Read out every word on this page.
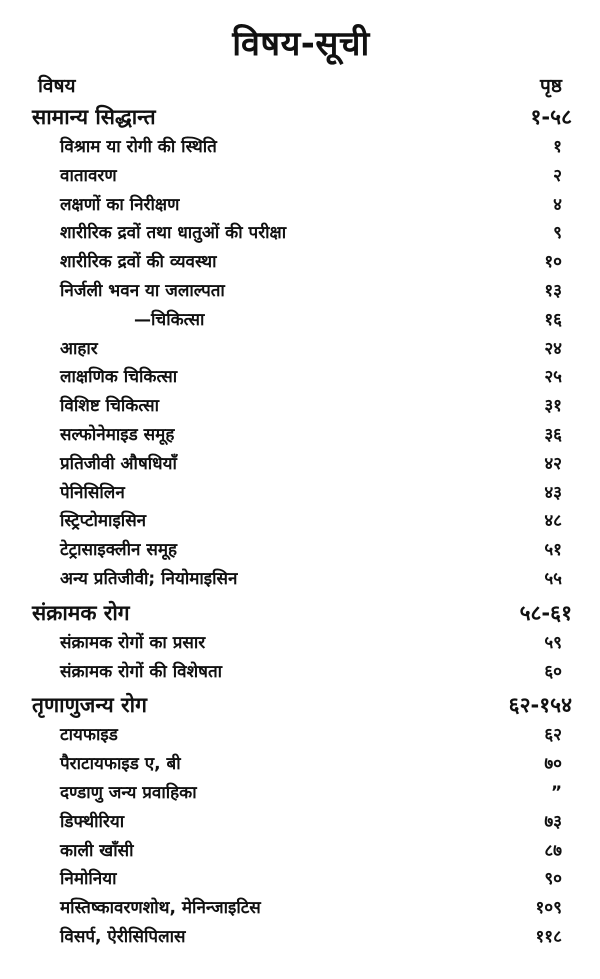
विषय-सूची
विषय	पृष्ठ
सामान्य सिद्धान्त	१-५८
विश्राम या रोगी की स्थिति	१
वातावरण	२
लक्षणों का निरीक्षण	४
शारीरिक द्रवों तथा धातुओं की परीक्षा	९
शारीरिक द्रवों की व्यवस्था	१०
निर्जली भवन या जलाल्पता	१३
—चिकित्सा	१६
आहार	२४
लाक्षणिक चिकित्सा	२५
विशिष्ट चिकित्सा	३१
सल्फोनेमाइड समूह	३६
प्रतिजीवी औषधियाँ	४२
पेनिसिलिन	४३
स्ट्रिप्टोमाइसिन	४८
टेट्रासाइक्लीन समूह	५१
अन्य प्रतिजीवी; नियोमाइसिन	५५
संक्रामक रोग	५८-६१
संक्रामक रोगों का प्रसार	५९
संक्रामक रोगों की विशेषता	६०
तृणाणुजन्य रोग	६२-१५४
टायफाइड	६२
पैराटायफाइड ए, बी	७०
दण्डाणु जन्य प्रवाहिका	”
डिफ्थीरिया	७३
काली खाँसी	८७
निमोनिया	९०
मस्तिष्कावरणशोथ, मेनिन्जाइटिस	१०९
विसर्प, ऐरीसिपिलास	११८
